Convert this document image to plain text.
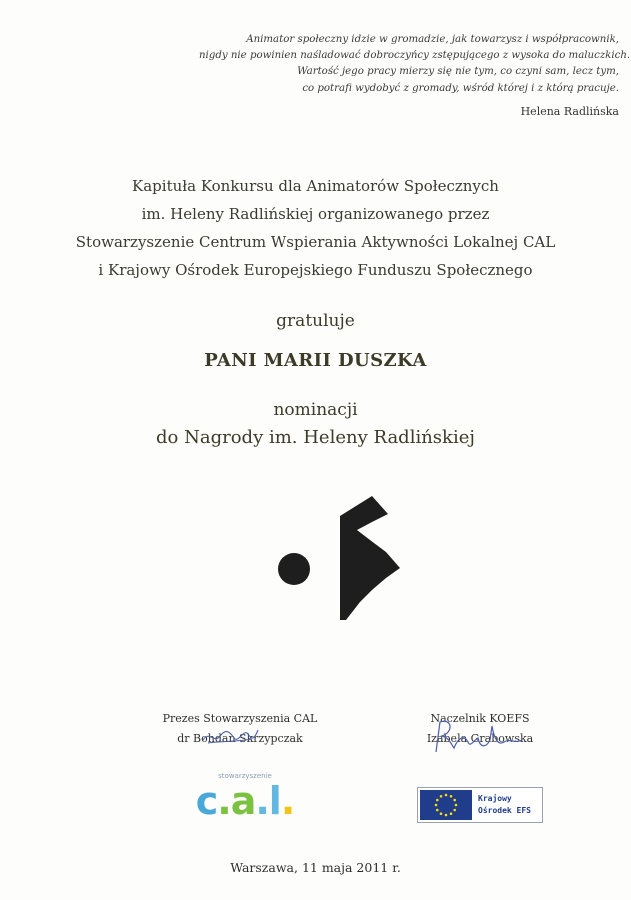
Animator społeczny idzie w gromadzie, jak towarzysz i współpracownik,
nigdy nie powinien naśladować dobroczyńcy zstępującego z wysoka do maluczkich.
Wartość jego pracy mierzy się nie tym, co czyni sam, lecz tym,
co potrafi wydobyć z gromady, wśród której i z którą pracuje.
Helena Radlińska
Kapituła Konkursu dla Animatorów Społecznych
im. Heleny Radlińskiej organizowanego przez
Stowarzyszenie Centrum Wspierania Aktywności Lokalnej CAL
i Krajowy Ośrodek Europejskiego Funduszu Społecznego
gratuluje
PANI MARII DUSZKA
nominacji
do Nagrody im. Heleny Radlińskiej
Prezes Stowarzyszenia CAL
dr Bohdan Skrzypczak
Naczelnik KOEFS
Izabela Grabowska
stowarzyszenie
c.a.l.	Krajowy
Ośrodek EFS
Warszawa, 11 maja 2011 r.
